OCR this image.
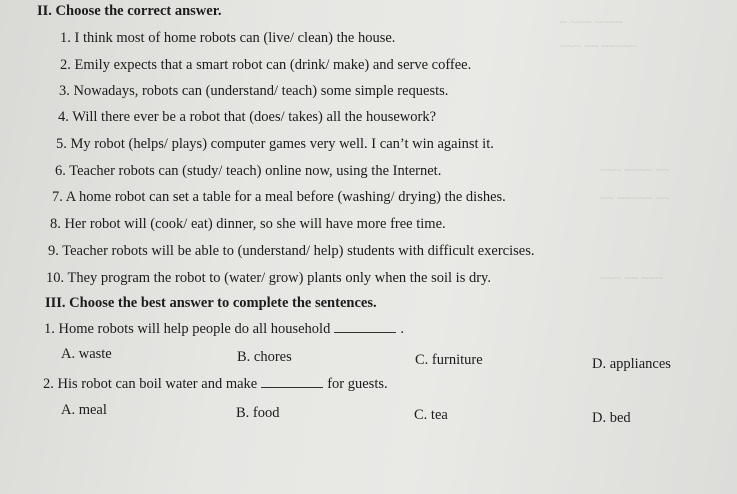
~ ~~~ ~~~~
~~~ ~~ ~~~~~
~~~ ~~~~ ~~
~~ ~~~~~ ~~
~~~ ~~ ~~~
II. Choose the correct answer.
1. I think most of home robots can (live/ clean) the house.
2. Emily expects that a smart robot can (drink/ make) and serve coffee.
3. Nowadays, robots can (understand/ teach) some simple requests.
4. Will there ever be a robot that (does/ takes) all the housework?
5. My robot (helps/ plays) computer games very well. I can’t win against it.
6. Teacher robots can (study/ teach) online now, using the Internet.
7. A home robot can set a table for a meal before (washing/ drying) the dishes.
8. Her robot will (cook/ eat) dinner, so she will have more free time.
9. Teacher robots will be able to (understand/ help) students with difficult exercises.
10. They program the robot to (water/ grow) plants only when the soil is dry.
III. Choose the best answer to complete the sentences.
1. Home robots will help people do all household	.
A. waste	B. chores	C. furniture	D. appliances
2. His robot can boil water and make	for guests.
A. meal	B. food	C. tea	D. bed
